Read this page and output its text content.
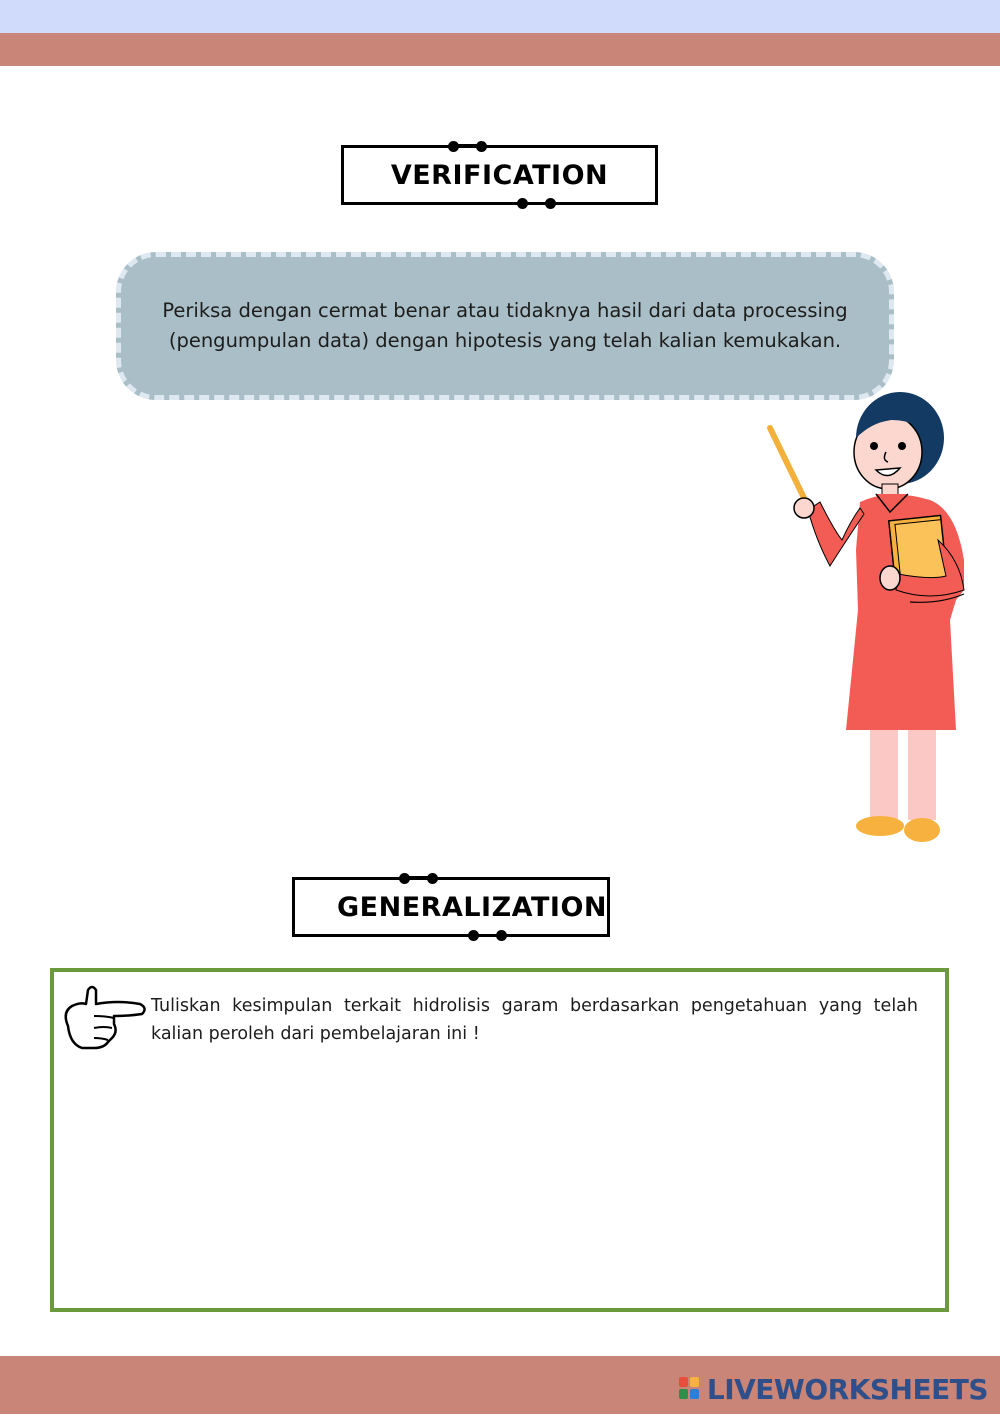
VERIFICATION

Periksa dengan cermat benar atau tidaknya hasil dari data processing (pengumpulan data) dengan hipotesis yang telah kalian kemukakan.

GENERALIZATION

Tuliskan kesimpulan terkait hidrolisis garam berdasarkan pengetahuan yang telah kalian peroleh dari pembelajaran ini !

LIVEWORKSHEETS
